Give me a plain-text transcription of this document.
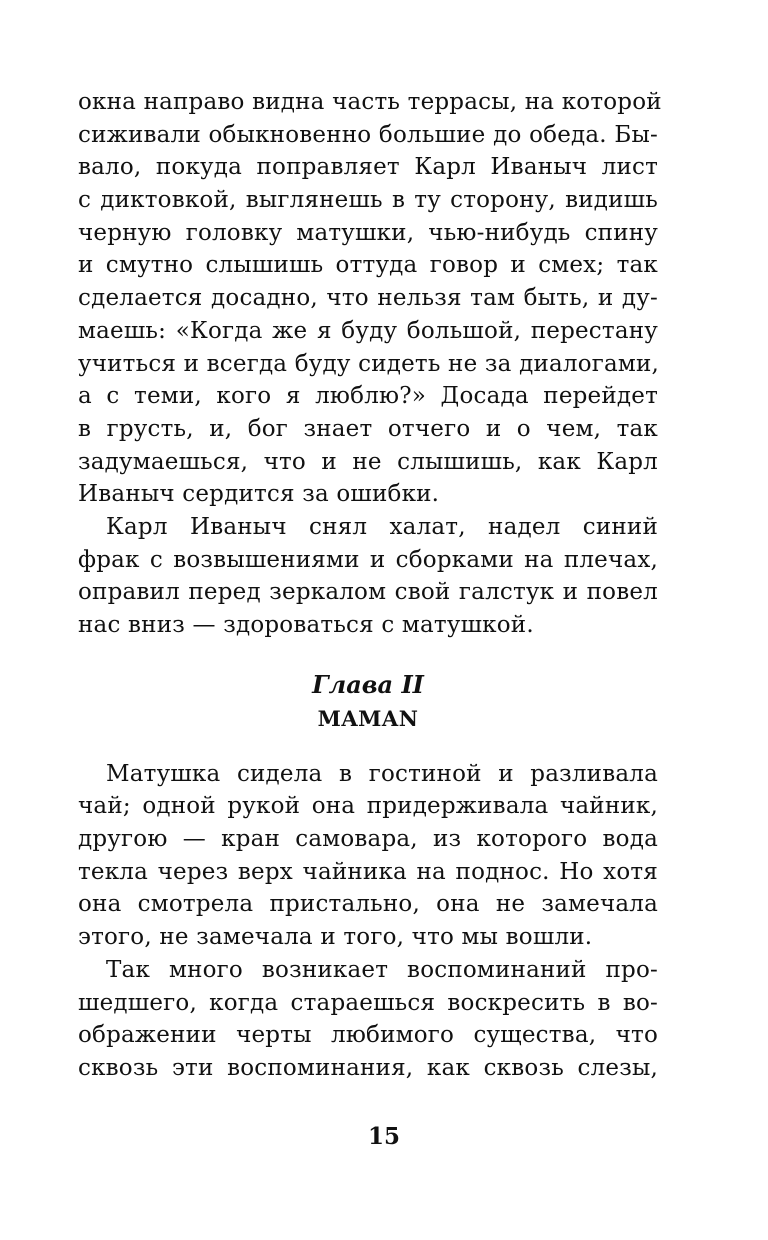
окна направо видна часть террасы, на которой
сиживали обыкновенно большие до обеда. Бы-
вало, покуда поправляет Карл Иваныч лист
с диктовкой, выглянешь в ту сторону, видишь
черную головку матушки, чью-нибудь спину
и смутно слышишь оттуда говор и смех; так
сделается досадно, что нельзя там быть, и ду-
маешь: «Когда же я буду большой, перестану
учиться и всегда буду сидеть не за диалогами,
а с теми, кого я люблю?» Досада перейдет
в грусть, и, бог знает отчего и о чем, так
задумаешься, что и не слышишь, как Карл
Иваныч сердится за ошибки.
Карл Иваныч снял халат, надел синий
фрак с возвышениями и сборками на плечах,
оправил перед зеркалом свой галстук и повел
нас вниз — здороваться с матушкой.
Глава II
MAMAN
Матушка сидела в гостиной и разливала
чай; одной рукой она придерживала чайник,
другою — кран самовара, из которого вода
текла через верх чайника на поднос. Но хотя
она смотрела пристально, она не замечала
этого, не замечала и того, что мы вошли.
Так много возникает воспоминаний про-
шедшего, когда стараешься воскресить в во-
ображении черты любимого существа, что
сквозь эти воспоминания, как сквозь слезы,
15
